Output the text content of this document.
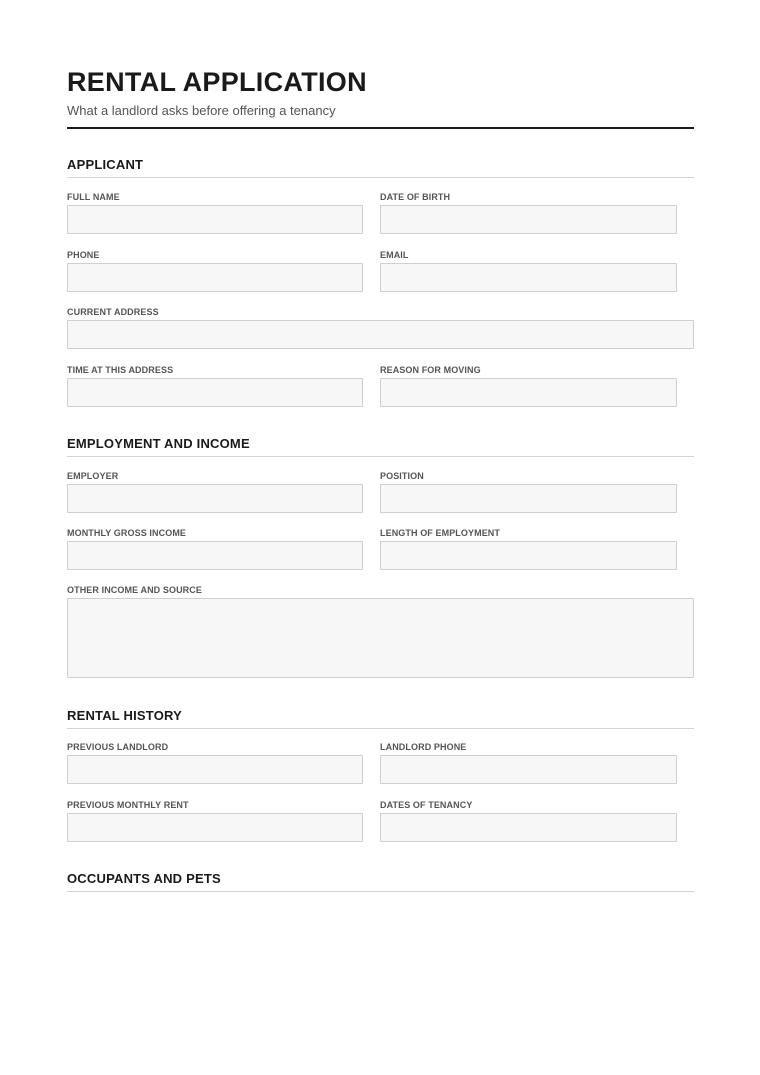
RENTAL APPLICATION
What a landlord asks before offering a tenancy
APPLICANT
FULL NAME	DATE OF BIRTH
PHONE	EMAIL
CURRENT ADDRESS
TIME AT THIS ADDRESS	REASON FOR MOVING
EMPLOYMENT AND INCOME
EMPLOYER	POSITION
MONTHLY GROSS INCOME	LENGTH OF EMPLOYMENT
OTHER INCOME AND SOURCE
RENTAL HISTORY
PREVIOUS LANDLORD	LANDLORD PHONE
PREVIOUS MONTHLY RENT	DATES OF TENANCY
OCCUPANTS AND PETS
